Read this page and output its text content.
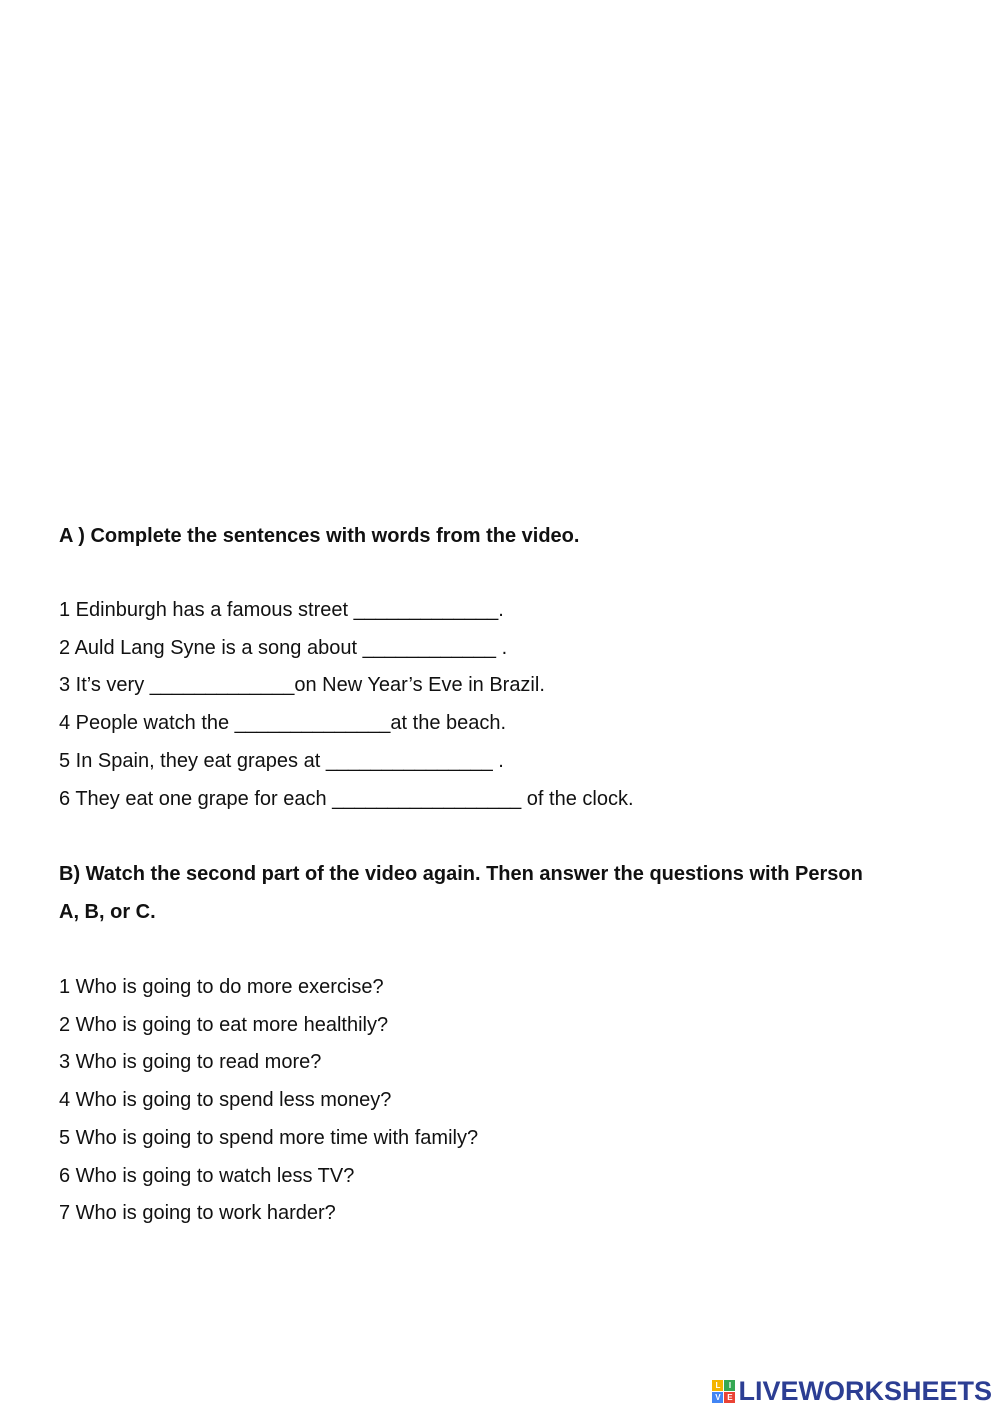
A ) Complete the sentences with words from the video.

1 Edinburgh has a famous street _____________.
2 Auld Lang Syne is a song about ____________ .
3 It’s very _____________on New Year’s Eve in Brazil.
4 People watch the ______________at the beach.
5 In Spain, they eat grapes at _______________ .
6 They eat one grape for each _________________ of the clock.
B) Watch the second part of the video again. Then answer the questions with Person
A, B, or C.
1 Who is going to do more exercise?
2 Who is going to eat more healthily?
3 Who is going to read more?
4 Who is going to spend less money?
5 Who is going to spend more time with family?
6 Who is going to watch less TV?
7 Who is going to work harder?
L	I
V E LIVEWORKSHEETS
